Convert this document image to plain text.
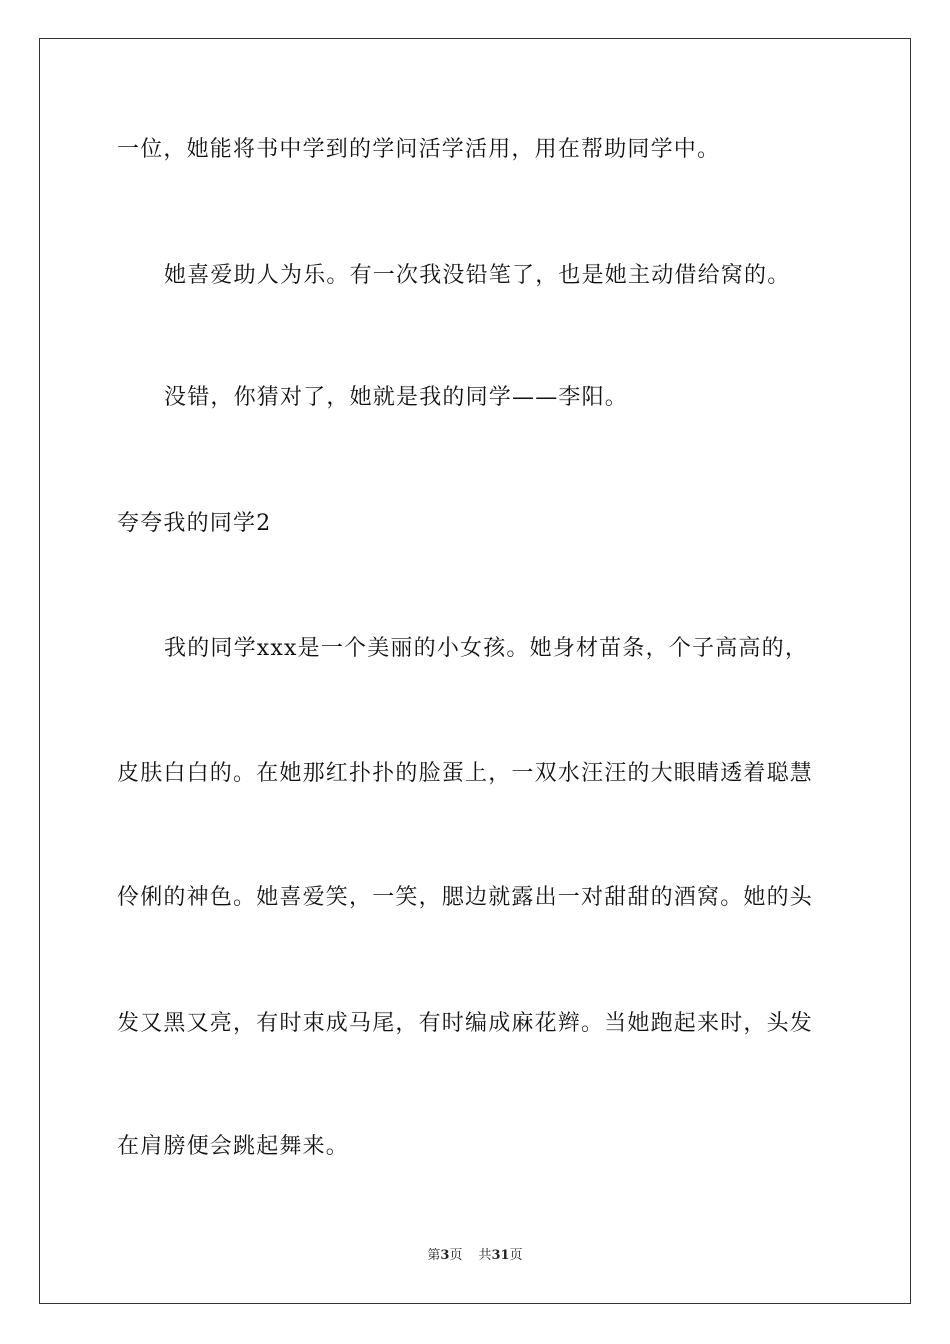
一位，她能将书中学到的学问活学活用，用在帮助同学中。
她喜爱助人为乐。有一次我没铅笔了，也是她主动借给窝的。
没错，你猜对了，她就是我的同学——李阳。
夸夸我的同学2
我的同学xxx是一个美丽的小女孩。她身材苗条，个子高高的，
皮肤白白的。在她那红扑扑的脸蛋上，一双水汪汪的大眼睛透着聪慧
伶俐的神色。她喜爱笑，一笑，腮边就露出一对甜甜的酒窝。她的头
发又黑又亮，有时束成马尾，有时编成麻花辫。当她跑起来时，头发
在肩膀便会跳起舞来。
第3页 共31页
